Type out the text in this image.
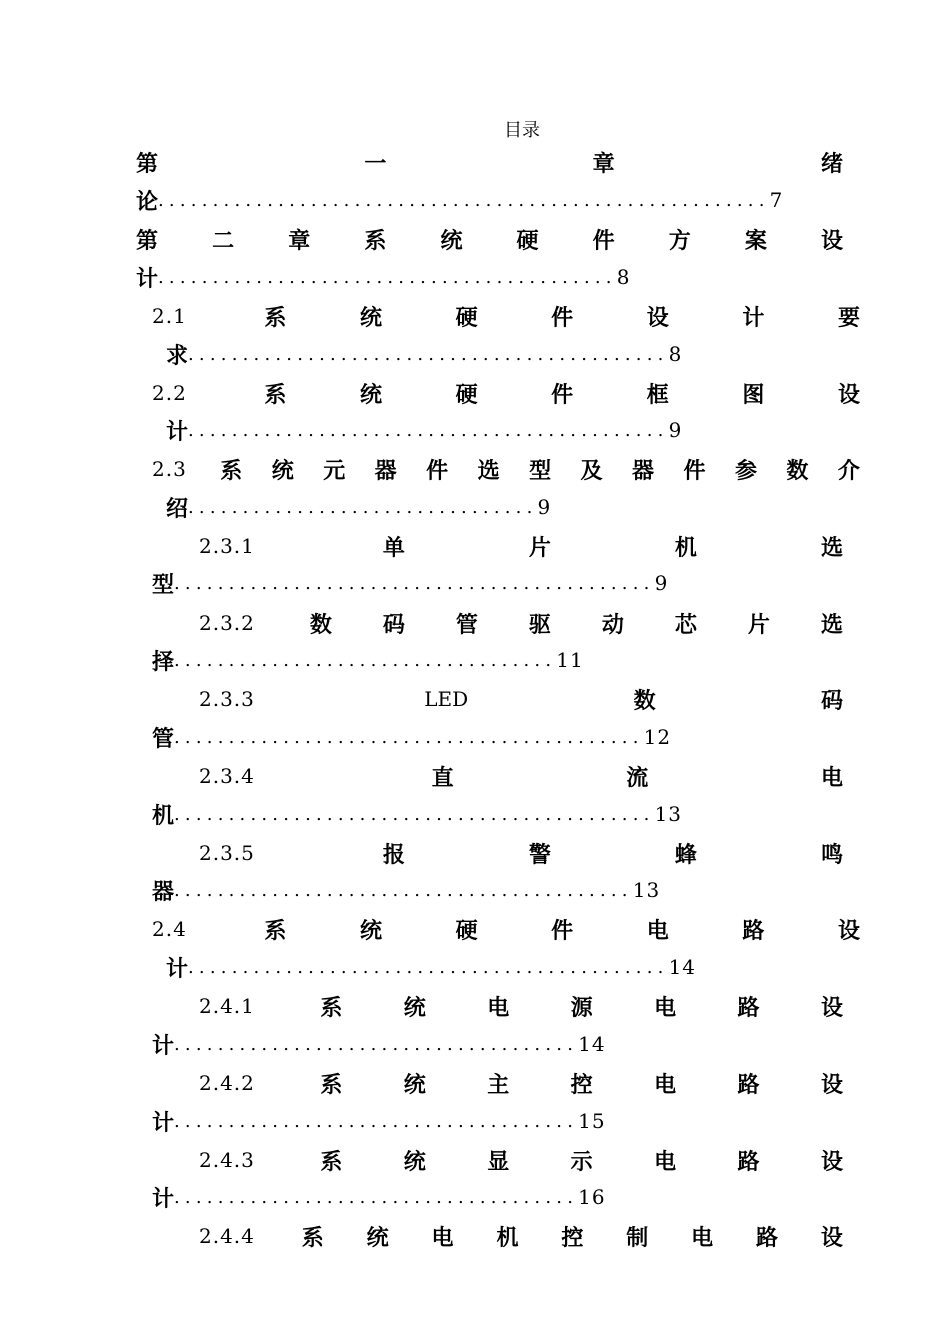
目录
第	一	章	绪
论 ........................................................ 7
第 二 章 系 统 硬 件 方 案 设
计 .......................................... 8
2.1	系	统	硬	件	设	计	要
求 ............................................ 8
2.2	系	统	硬	件	框	图	设
计 ............................................ 9
2.3 系 统 元 器 件 选 型 及 器 件 参 数 介
绍 ................................ 9
2.3.1	单	片	机	选
型 ............................................ 9
2.3.2 数 码 管 驱 动 芯 片 选
择 ................................... 11
2.3.3	LED	数	码
管 ........................................... 12
2.3.4	直	流	电
机 ............................................ 13
2.3.5	报	警	蜂	鸣
器 .......................................... 13
2.4	系	统	硬	件	电	路	设
计 ............................................ 14
2.4.1	系	统	电	源	电	路	设
计 ..................................... 14
2.4.2	系	统	主	控	电	路	设
计 ..................................... 15
2.4.3	系	统	显	示	电	路	设
计 ..................................... 16
2.4.4 系 统 电 机 控 制 电 路 设
